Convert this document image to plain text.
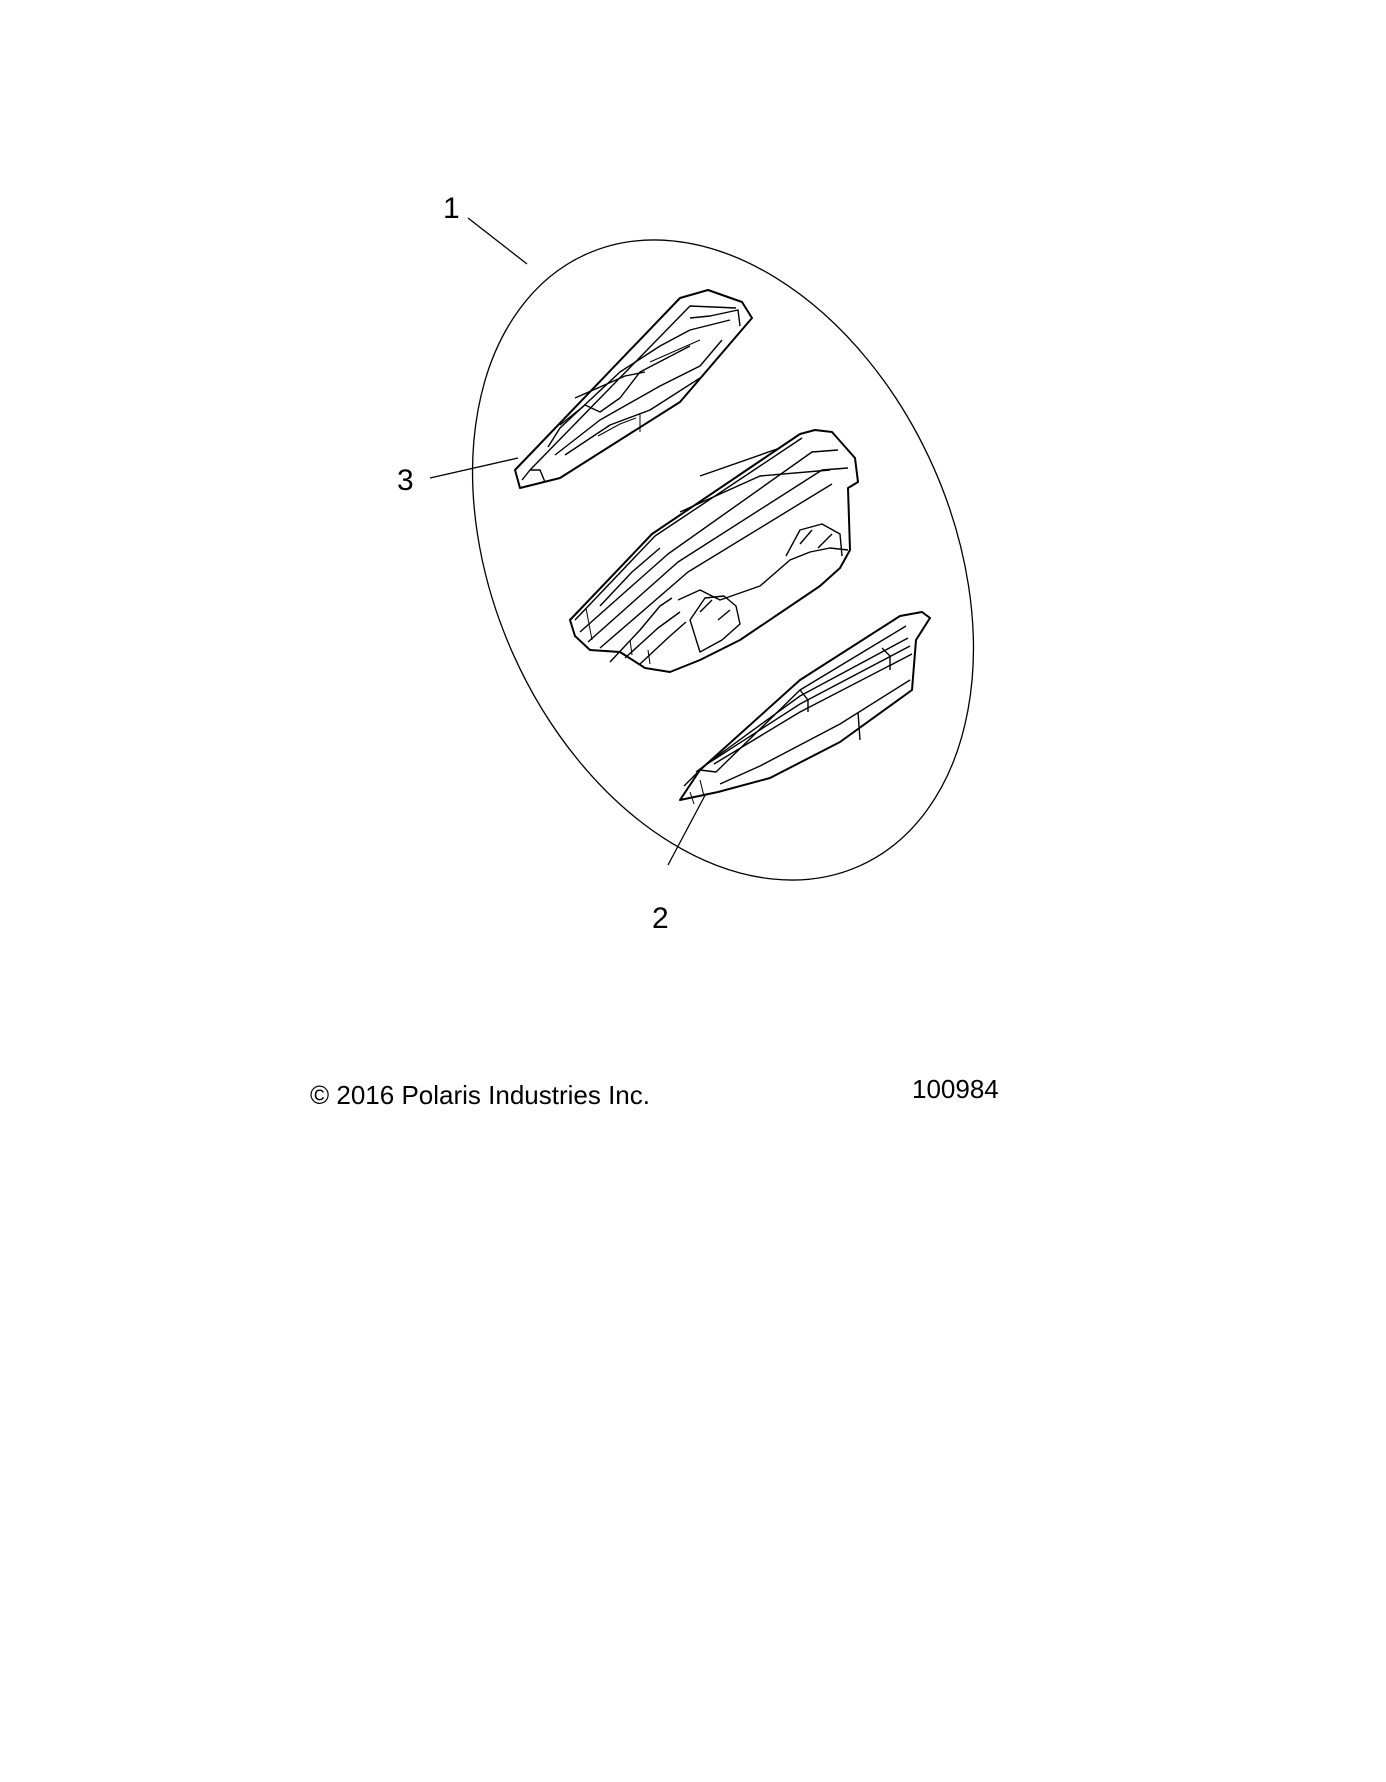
1
3
2
© 2016 Polaris Industries Inc.	100984
